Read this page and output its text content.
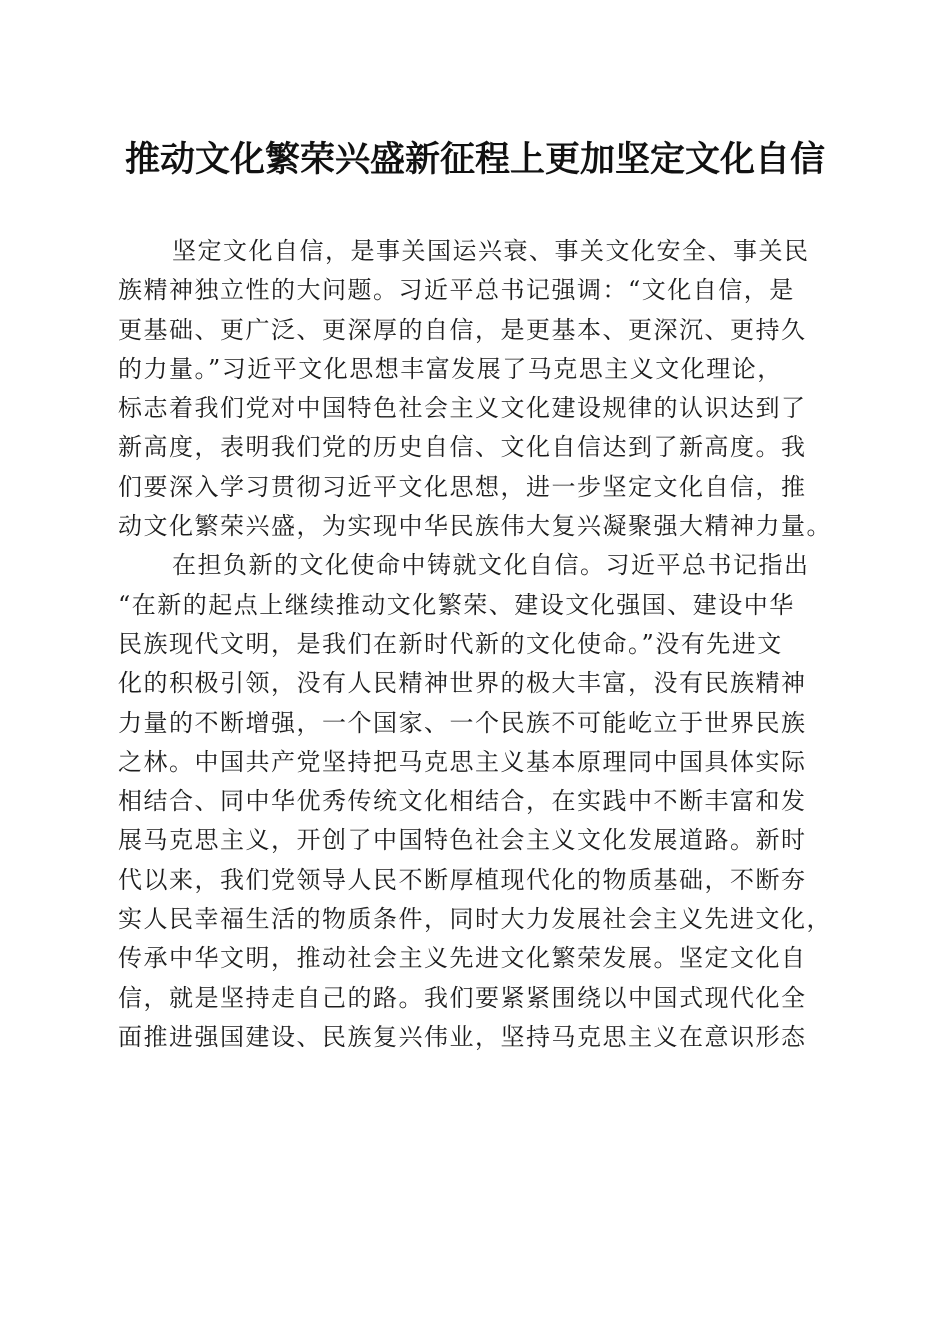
推动文化繁荣兴盛新征程上更加坚定文化自信

坚定文化自信，是事关国运兴衰、事关文化安全、事关民
族精神独立性的大问题。习近平总书记强调：“文化自信，是
更基础、更广泛、更深厚的自信，是更基本、更深沉、更持久
的力量。”习近平文化思想丰富发展了马克思主义文化理论，
标志着我们党对中国特色社会主义文化建设规律的认识达到了
新高度，表明我们党的历史自信、文化自信达到了新高度。我
们要深入学习贯彻习近平文化思想，进一步坚定文化自信，推
动文化繁荣兴盛，为实现中华民族伟大复兴凝聚强大精神力量。

在担负新的文化使命中铸就文化自信。习近平总书记指出
“在新的起点上继续推动文化繁荣、建设文化强国、建设中华
民族现代文明，是我们在新时代新的文化使命。”没有先进文
化的积极引领，没有人民精神世界的极大丰富，没有民族精神
力量的不断增强，一个国家、一个民族不可能屹立于世界民族
之林。中国共产党坚持把马克思主义基本原理同中国具体实际
相结合、同中华优秀传统文化相结合，在实践中不断丰富和发
展马克思主义，开创了中国特色社会主义文化发展道路。新时
代以来，我们党领导人民不断厚植现代化的物质基础，不断夯
实人民幸福生活的物质条件，同时大力发展社会主义先进文化，
传承中华文明，推动社会主义先进文化繁荣发展。坚定文化自
信，就是坚持走自己的路。我们要紧紧围绕以中国式现代化全
面推进强国建设、民族复兴伟业，坚持马克思主义在意识形态
